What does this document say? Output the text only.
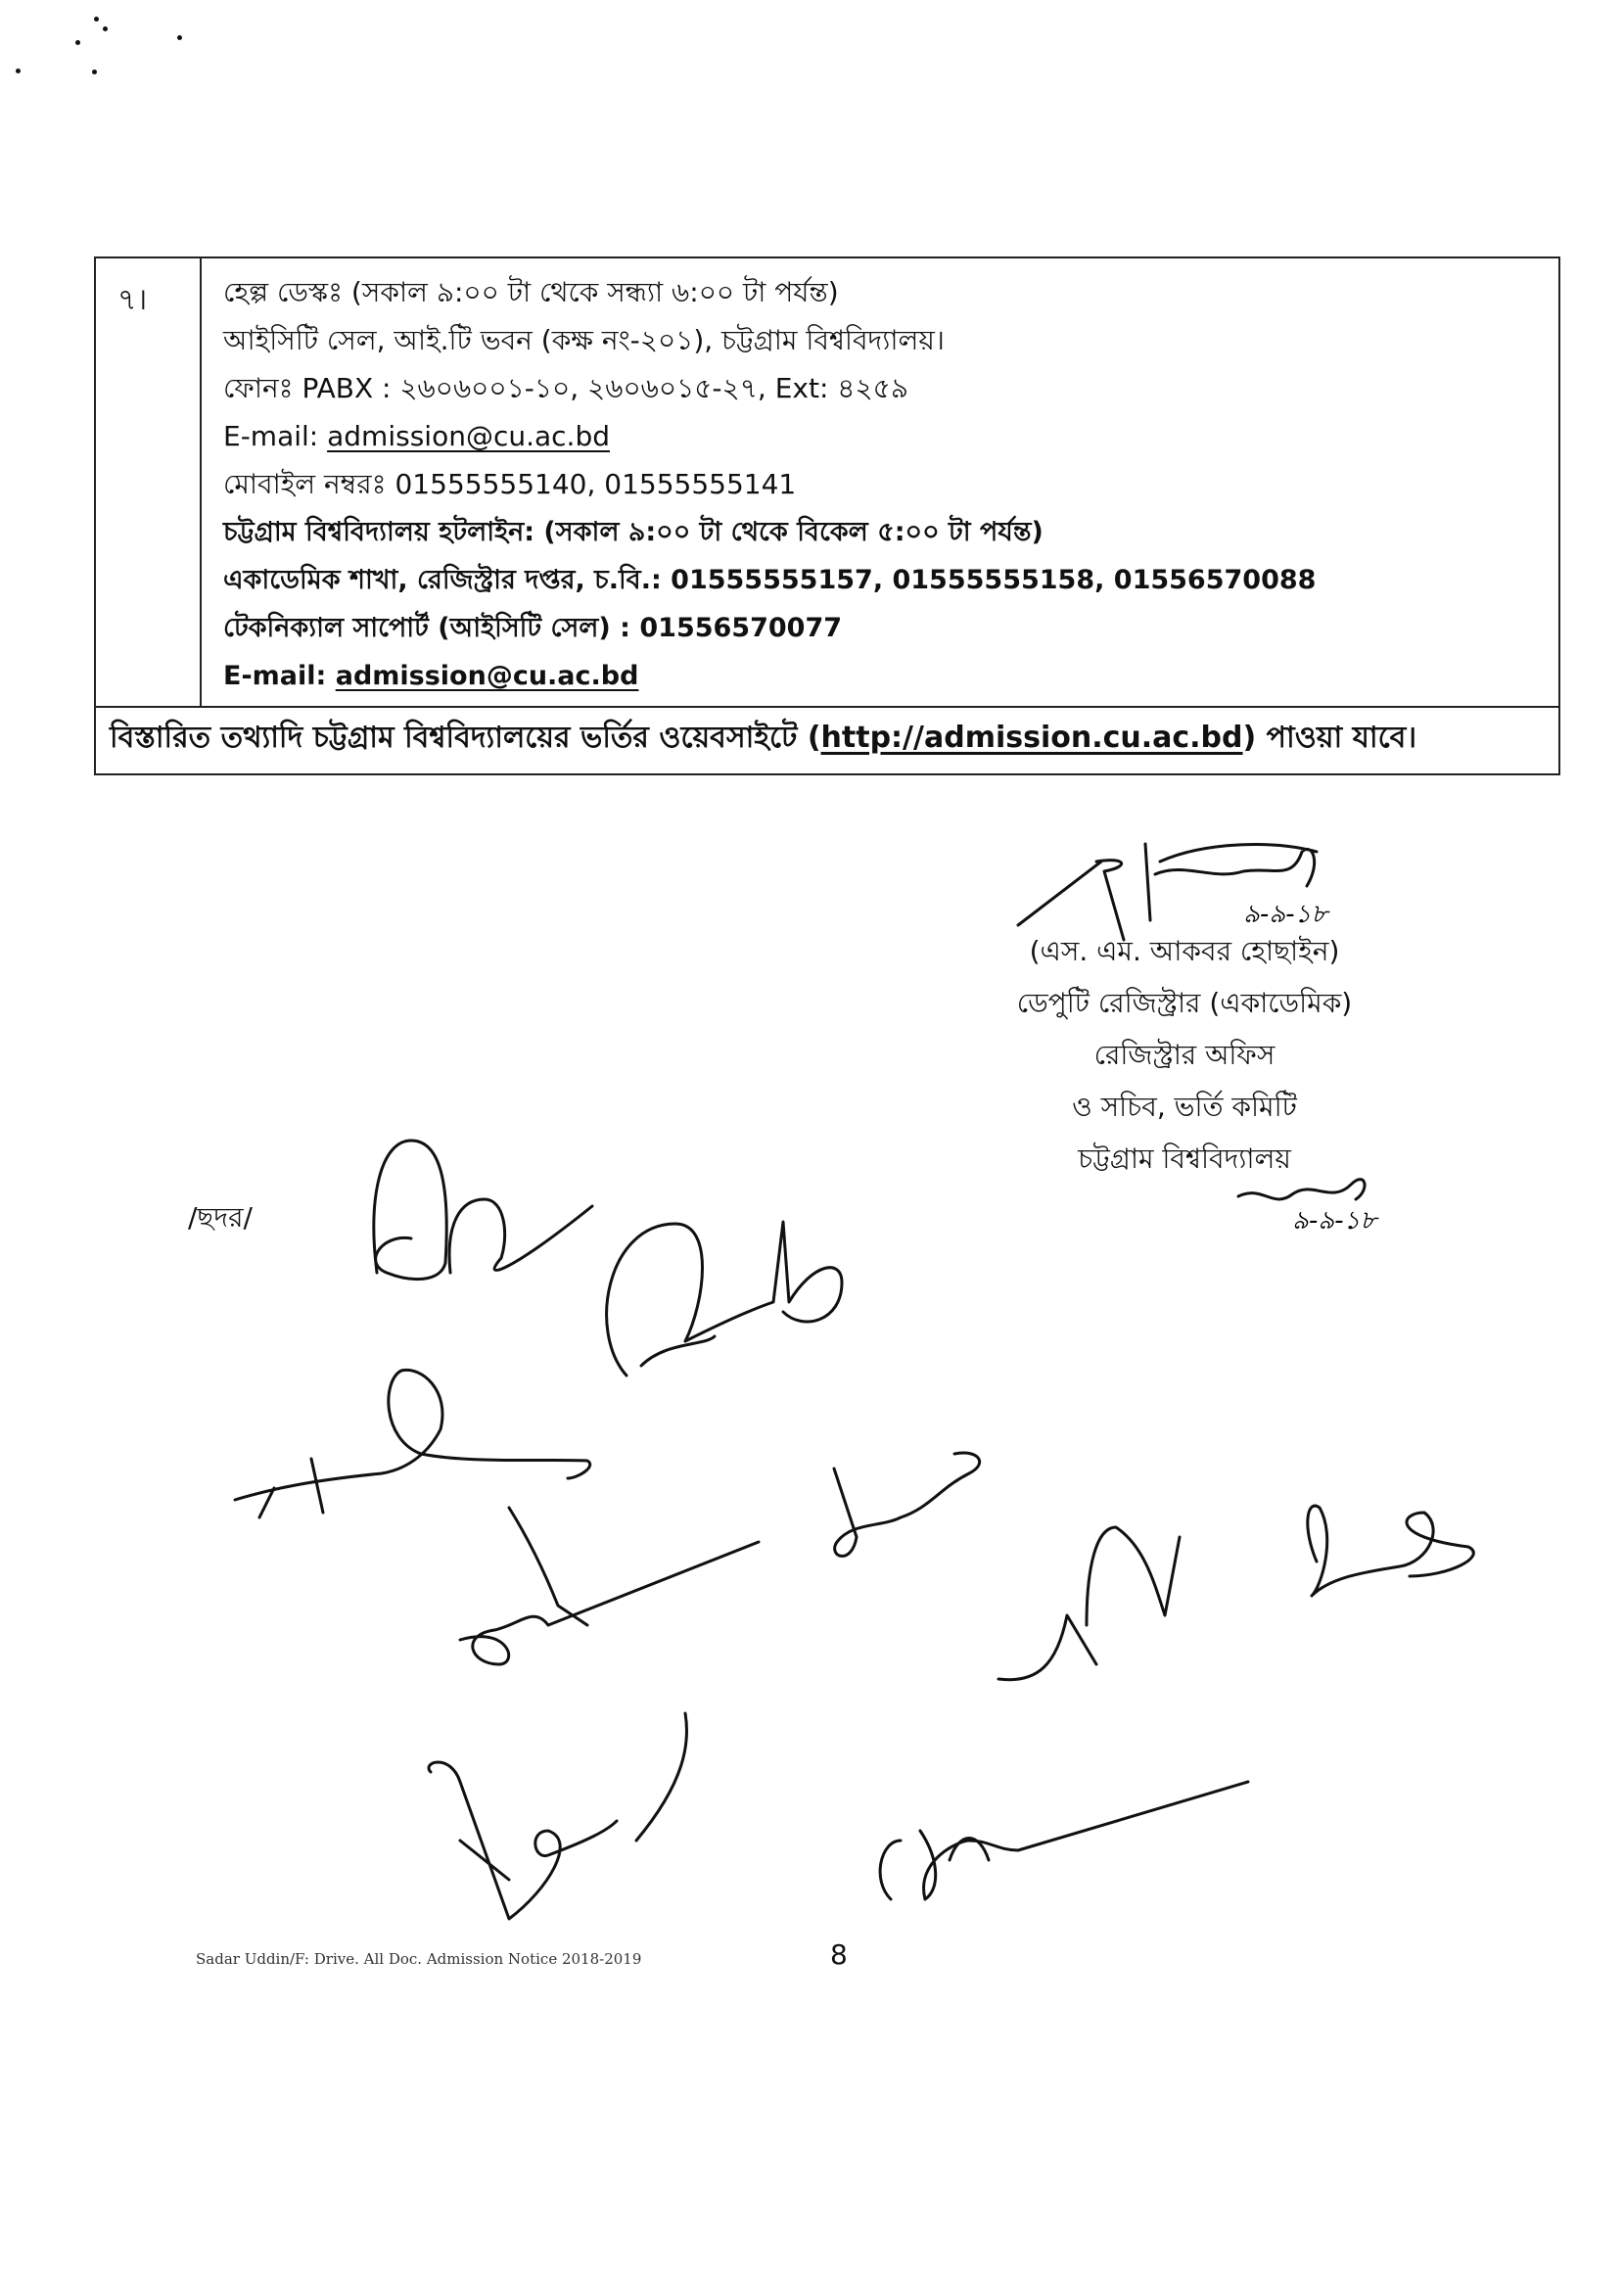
৭।	হেল্প ডেস্কঃ (সকাল ৯:০০ টা থেকে সন্ধ্যা ৬:০০ টা পর্যন্ত)
আইসিটি সেল, আই.টি ভবন (কক্ষ নং-২০১), চট্টগ্রাম বিশ্ববিদ্যালয়।
ফোনঃ PABX : ২৬০৬০০১-১০, ২৬০৬০১৫-২৭, Ext: ৪২৫৯
E-mail: admission@cu.ac.bd
মোবাইল নম্বরঃ 01555555140, 01555555141
চট্টগ্রাম বিশ্ববিদ্যালয় হটলাইন: (সকাল ৯:০০ টা থেকে বিকেল ৫:০০ টা পর্যন্ত)
একাডেমিক শাখা, রেজিস্ট্রার দপ্তর, চ.বি.: 01555555157, 01555555158, 01556570088
টেকনিক্যাল সাপোর্ট (আইসিটি সেল) : 01556570077
E-mail: admission@cu.ac.bd

বিস্তারিত তথ্যাদি চট্টগ্রাম বিশ্ববিদ্যালয়ের ভর্তির ওয়েবসাইটে (http://admission.cu.ac.bd) পাওয়া যাবে।
৯-৯-১৮
৯-৯-১৮
(এস. এম. আকবর হোছাইন)
ডেপুটি রেজিস্ট্রার (একাডেমিক)
রেজিস্ট্রার অফিস
ও সচিব, ভর্তি কমিটি
চট্টগ্রাম বিশ্ববিদ্যালয়
/ছদর/
Sadar Uddin/F: Drive. All Doc. Admission Notice 2018-2019	8
